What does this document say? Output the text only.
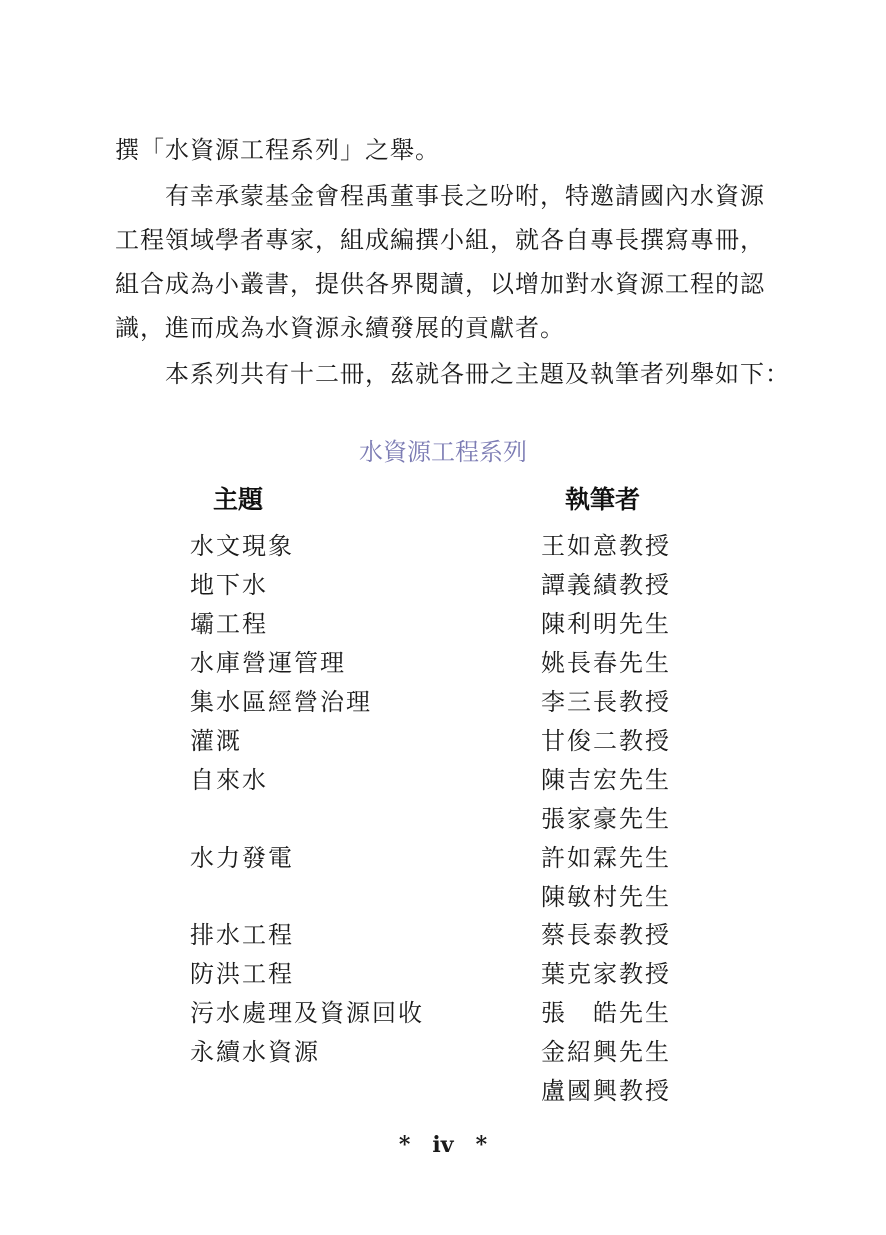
撰「水資源工程系列」之舉。
　　有幸承蒙基金會程禹董事長之吩咐，特邀請國內水資源
工程領域學者專家，組成編撰小組，就各自專長撰寫專冊，
組合成為小叢書，提供各界閱讀，以增加對水資源工程的認
識，進而成為水資源永續發展的貢獻者。
　　本系列共有十二冊，茲就各冊之主題及執筆者列舉如下：
水資源工程系列
主題	執筆者
水文現象	王如意教授
地下水	譚義績教授
壩工程	陳利明先生
水庫營運管理	姚長春先生
集水區經營治理	李三長教授
灌溉	甘俊二教授
自來水	陳吉宏先生
張家豪先生
水力發電	許如霖先生
陳敏村先生
排水工程	蔡長泰教授
防洪工程	葉克家教授
污水處理及資源回收	張　皓先生
永續水資源	金紹興先生
盧國興教授
*　iv　*
